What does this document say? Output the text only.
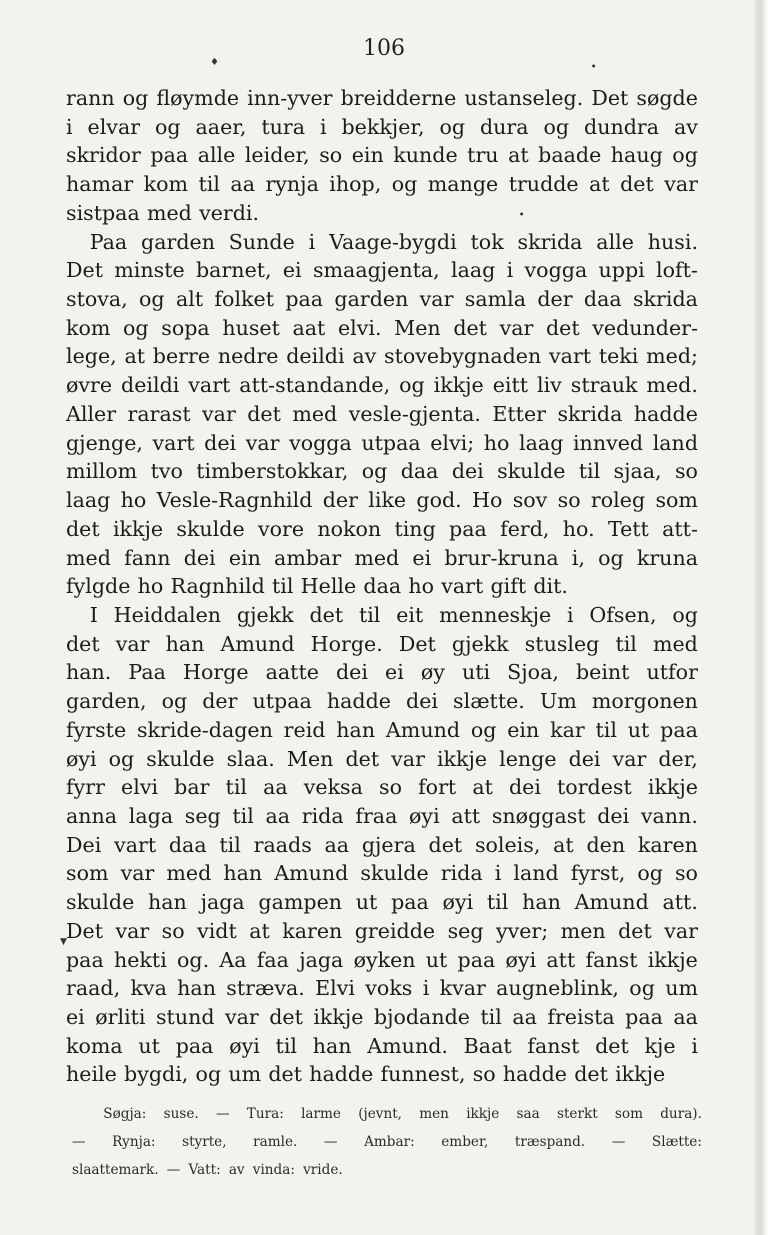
106
♦	●
●
▼
rann og fløymde inn-yver breidderne ustanseleg. Det søgde
i elvar og aaer, tura i bekkjer, og dura og dundra av
skridor paa alle leider, so ein kunde tru at baade haug og
hamar kom til aa rynja ihop, og mange trudde at det var
sistpaa med verdi.
Paa garden Sunde i Vaage-bygdi tok skrida alle husi.
Det minste barnet, ei smaagjenta, laag i vogga uppi loft-
stova, og alt folket paa garden var samla der daa skrida
kom og sopa huset aat elvi. Men det var det vedunder-
lege, at berre nedre deildi av stovebygnaden vart teki med;
øvre deildi vart att-standande, og ikkje eitt liv strauk med.
Aller rarast var det med vesle-gjenta. Etter skrida hadde
gjenge, vart dei var vogga utpaa elvi; ho laag innved land
millom tvo timberstokkar, og daa dei skulde til sjaa, so
laag ho Vesle-Ragnhild der like god. Ho sov so roleg som
det ikkje skulde vore nokon ting paa ferd, ho. Tett att-
med fann dei ein ambar med ei brur-kruna i, og kruna
fylgde ho Ragnhild til Helle daa ho vart gift dit.
I Heiddalen gjekk det til eit menneskje i Ofsen, og
det var han Amund Horge. Det gjekk stusleg til med
han. Paa Horge aatte dei ei øy uti Sjoa, beint utfor
garden, og der utpaa hadde dei slætte. Um morgonen
fyrste skride-dagen reid han Amund og ein kar til ut paa
øyi og skulde slaa. Men det var ikkje lenge dei var der,
fyrr elvi bar til aa veksa so fort at dei tordest ikkje
anna laga seg til aa rida fraa øyi att snøggast dei vann.
Dei vart daa til raads aa gjera det soleis, at den karen
som var med han Amund skulde rida i land fyrst, og so
skulde han jaga gampen ut paa øyi til han Amund att.
Det var so vidt at karen greidde seg yver; men det var
paa hekti og. Aa faa jaga øyken ut paa øyi att fanst ikkje
raad, kva han stræva. Elvi voks i kvar augneblink, og um
ei ørliti stund var det ikkje bjodande til aa freista paa aa
koma ut paa øyi til han Amund. Baat fanst det kje i
heile bygdi, og um det hadde funnest, so hadde det ikkje
Søgja: suse. — Tura: larme (jevnt, men ikkje saa sterkt som dura).
— Rynja: styrte, ramle. — Ambar: ember, træspand. — Slætte:
slaattemark. — Vatt: av vinda: vride.
